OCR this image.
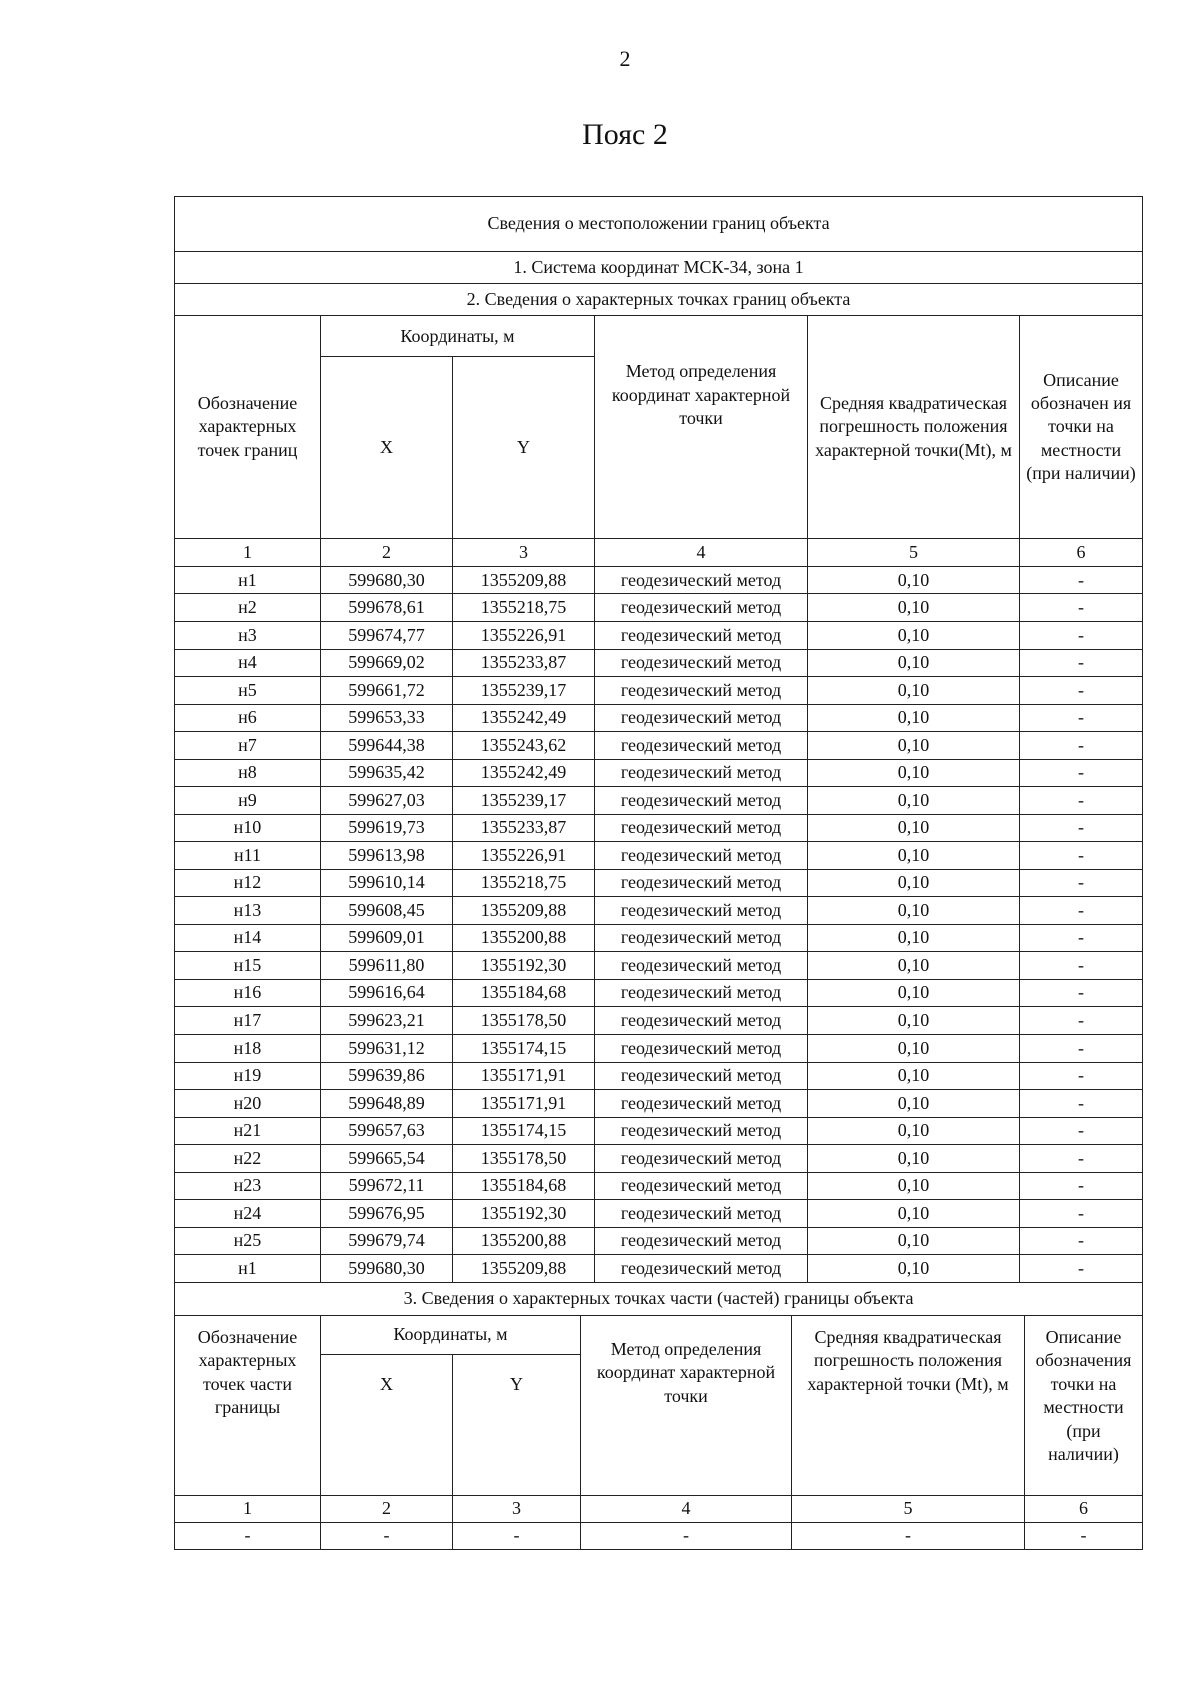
2
Пояс 2
Сведения о местоположении границ объекта					
1. Система координат МСК-34, зона 1					
2. Сведения о характерных точках границ объекта					
Обозначение характерных точек границ	Координаты, м		Метод определения координат характерной точки	Средняя квадратическая погрешность положения характерной точки(Mt), м	Описание обозначен ия точки на местности (при наличии)
	X	Y			
1	2	3	4	5	6
н1	599680,30	1355209,88	геодезический метод	0,10	-
н2	599678,61	1355218,75	геодезический метод	0,10	-
н3	599674,77	1355226,91	геодезический метод	0,10	-
н4	599669,02	1355233,87	геодезический метод	0,10	-
н5	599661,72	1355239,17	геодезический метод	0,10	-
н6	599653,33	1355242,49	геодезический метод	0,10	-
н7	599644,38	1355243,62	геодезический метод	0,10	-
н8	599635,42	1355242,49	геодезический метод	0,10	-
н9	599627,03	1355239,17	геодезический метод	0,10	-
н10	599619,73	1355233,87	геодезический метод	0,10	-
н11	599613,98	1355226,91	геодезический метод	0,10	-
н12	599610,14	1355218,75	геодезический метод	0,10	-
н13	599608,45	1355209,88	геодезический метод	0,10	-
н14	599609,01	1355200,88	геодезический метод	0,10	-
н15	599611,80	1355192,30	геодезический метод	0,10	-
н16	599616,64	1355184,68	геодезический метод	0,10	-
н17	599623,21	1355178,50	геодезический метод	0,10	-
н18	599631,12	1355174,15	геодезический метод	0,10	-
н19	599639,86	1355171,91	геодезический метод	0,10	-
н20	599648,89	1355171,91	геодезический метод	0,10	-
н21	599657,63	1355174,15	геодезический метод	0,10	-
н22	599665,54	1355178,50	геодезический метод	0,10	-
н23	599672,11	1355184,68	геодезический метод	0,10	-
н24	599676,95	1355192,30	геодезический метод	0,10	-
н25	599679,74	1355200,88	геодезический метод	0,10	-
н1	599680,30	1355209,88	геодезический метод	0,10	-
3. Сведения о характерных точках части (частей) границы объекта					
Обозначение характерных точек части границы	Координаты, м		Метод определения координат характерной точки	Средняя квадратическая погрешность положения характерной точки (Mt), м	Описание обозначения точки на местности (при наличии)
	X	Y			
1	2	3	4	5	6
-	-	-	-	-	-
